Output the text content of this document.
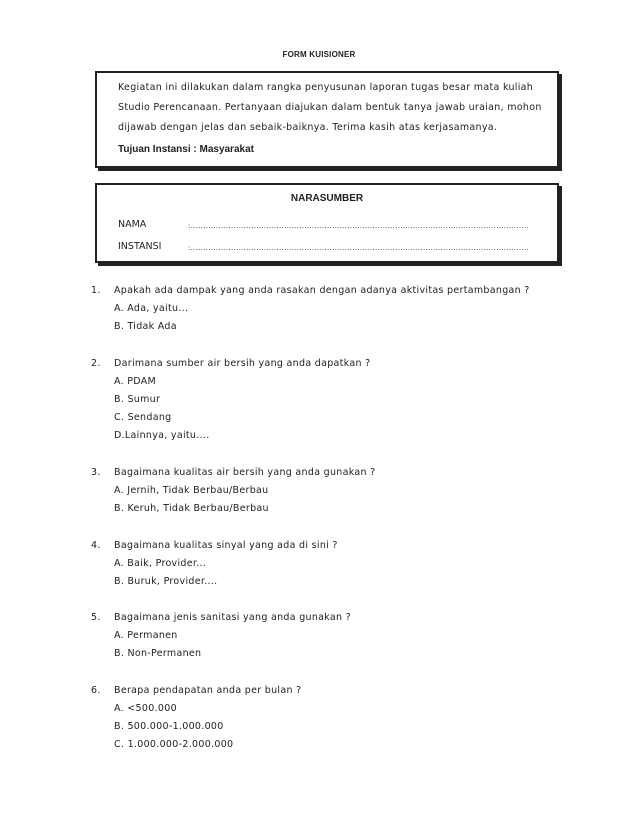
FORM KUISIONER
Kegiatan ini dilakukan dalam rangka penyusunan laporan tugas besar mata kuliah
Studio Perencanaan. Pertanyaan diajukan dalam bentuk tanya jawab uraian, mohon
dijawab dengan jelas dan sebaik-baiknya. Terima kasih atas kerjasamanya.
Tujuan Instansi : Masyarakat
NARASUMBER
NAMA	:......................................................................................................................................
INSTANSI	:......................................................................................................................................
1. Apakah ada dampak yang anda rasakan dengan adanya aktivitas pertambangan ?
A. Ada, yaitu...
B. Tidak Ada
2. Darimana sumber air bersih yang anda dapatkan ?
A. PDAM
B. Sumur
C. Sendang
D.Lainnya, yaitu....
3. Bagaimana kualitas air bersih yang anda gunakan ?
A. Jernih, Tidak Berbau/Berbau
B. Keruh, Tidak Berbau/Berbau
4. Bagaimana kualitas sinyal yang ada di sini ?
A. Baik, Provider...
B. Buruk, Provider....
5. Bagaimana jenis sanitasi yang anda gunakan ?
A. Permanen
B. Non-Permanen
6. Berapa pendapatan anda per bulan ?
A. <500.000
B. 500.000-1.000.000
C. 1.000.000-2.000.000
